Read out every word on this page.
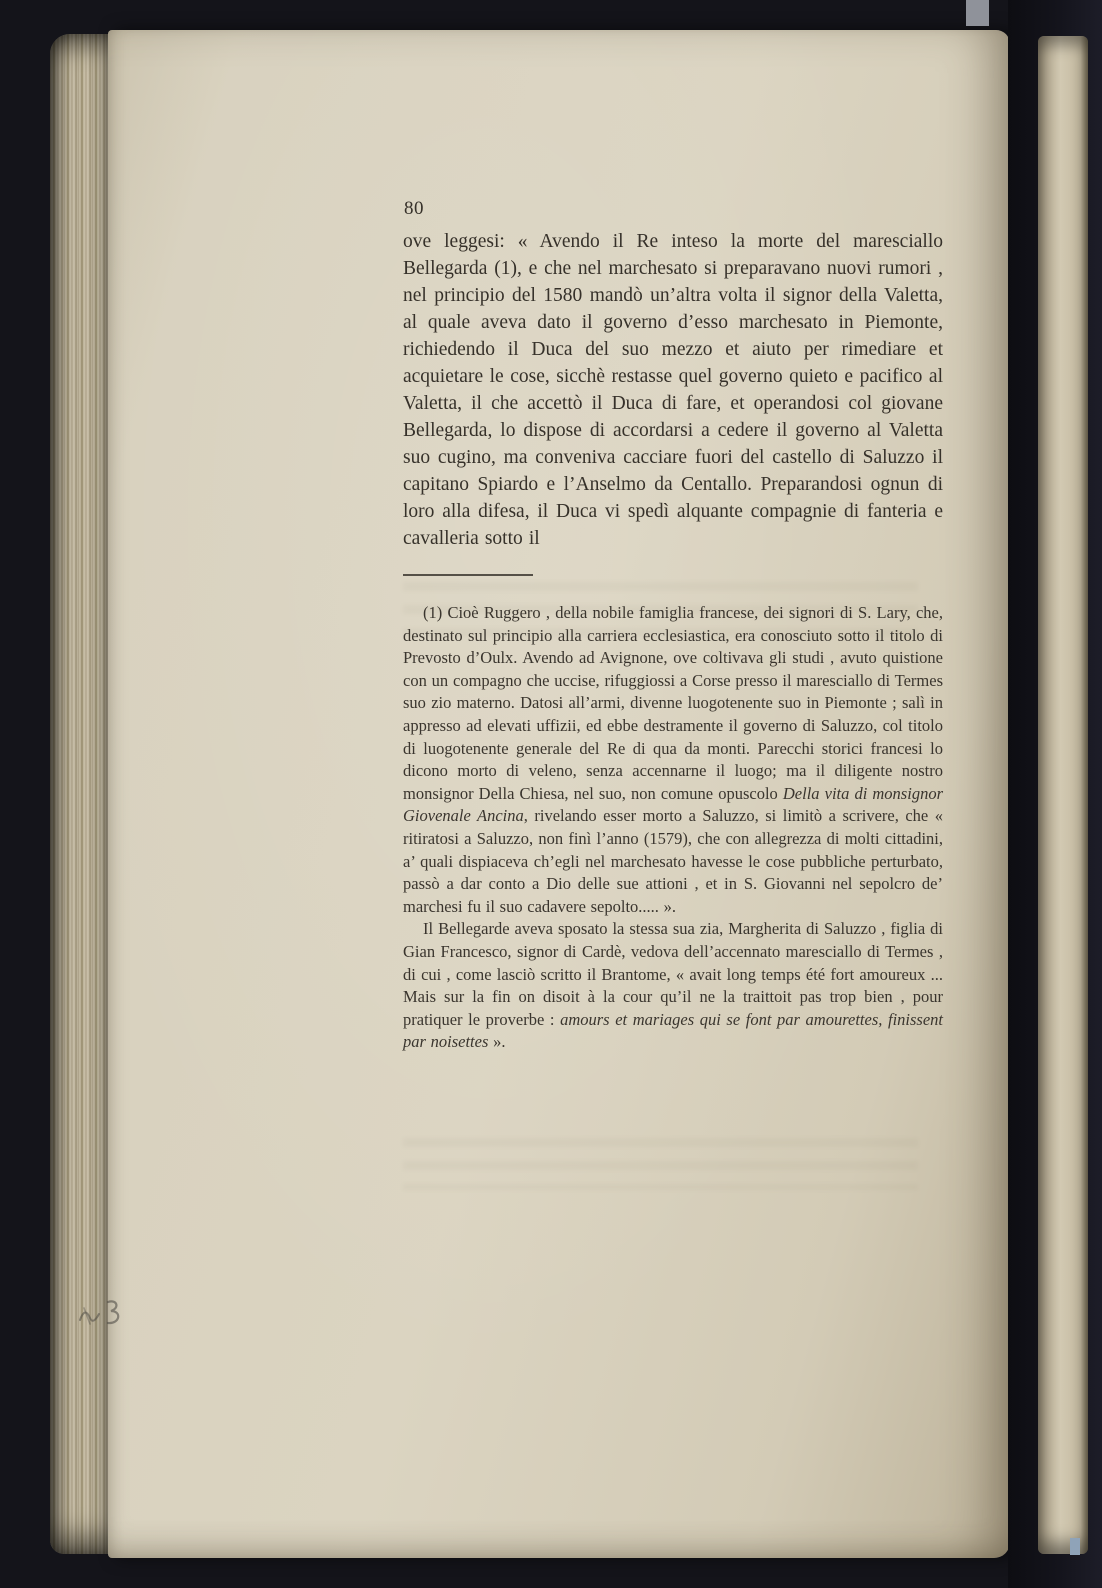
80

ove leggesi: « Avendo il Re inteso la morte del maresciallo Bellegarda (1), e che nel marchesato si preparavano nuovi rumori , nel principio del 1580 mandò un’altra volta il signor della Valetta, al quale aveva dato il governo d’esso marchesato in Piemonte, richiedendo il Duca del suo mezzo et aiuto per rimediare et acquietare le cose, sicchè restasse quel governo quieto e pacifico al Valetta, il che accettò il Duca di fare, et operandosi col giovane Bellegarda, lo dispose di accordarsi a cedere il governo al Valetta suo cugino, ma conveniva cacciare fuori del castello di Saluzzo il capitano Spiardo e l’Anselmo da Centallo. Preparandosi ognun di loro alla difesa, il Duca vi spedì alquante compagnie di fanteria e cavalleria sotto il

(1) Cioè Ruggero , della nobile famiglia francese, dei signori di S. Lary, che, destinato sul principio alla carriera ecclesiastica, era conosciuto sotto il titolo di Prevosto d’Oulx. Avendo ad Avignone, ove coltivava gli studi , avuto quistione con un compagno che uccise, rifuggiossi a Corse presso il maresciallo di Termes suo zio materno. Datosi all’armi, divenne luogotenente suo in Piemonte ; salì in appresso ad elevati uffizii, ed ebbe destramente il governo di Saluzzo, col titolo di luogotenente generale del Re di qua da monti. Parecchi storici francesi lo dicono morto di veleno, senza accennarne il luogo; ma il diligente nostro monsignor Della Chiesa, nel suo, non comune opuscolo Della vita di monsignor Giovenale Ancina, rivelando esser morto a Saluzzo, si limitò a scrivere, che « ritiratosi a Saluzzo, non finì l’anno (1579), che con allegrezza di molti cittadini, a’ quali dispiaceva ch’egli nel marchesato havesse le cose pubbliche perturbato, passò a dar conto a Dio delle sue attioni , et in S. Giovanni nel sepolcro de’ marchesi fu il suo cadavere sepolto..... ».

Il Bellegarde aveva sposato la stessa sua zia, Margherita di Saluzzo , figlia di Gian Francesco, signor di Cardè, vedova dell’accennato maresciallo di Termes , di cui , come lasciò scritto il Brantome, « avait long temps été fort amoureux ... Mais sur la fin on disoit à la cour qu’il ne la traittoit pas trop bien , pour pratiquer le proverbe : amours et mariages qui se font par amourettes, finissent par noisettes ».
